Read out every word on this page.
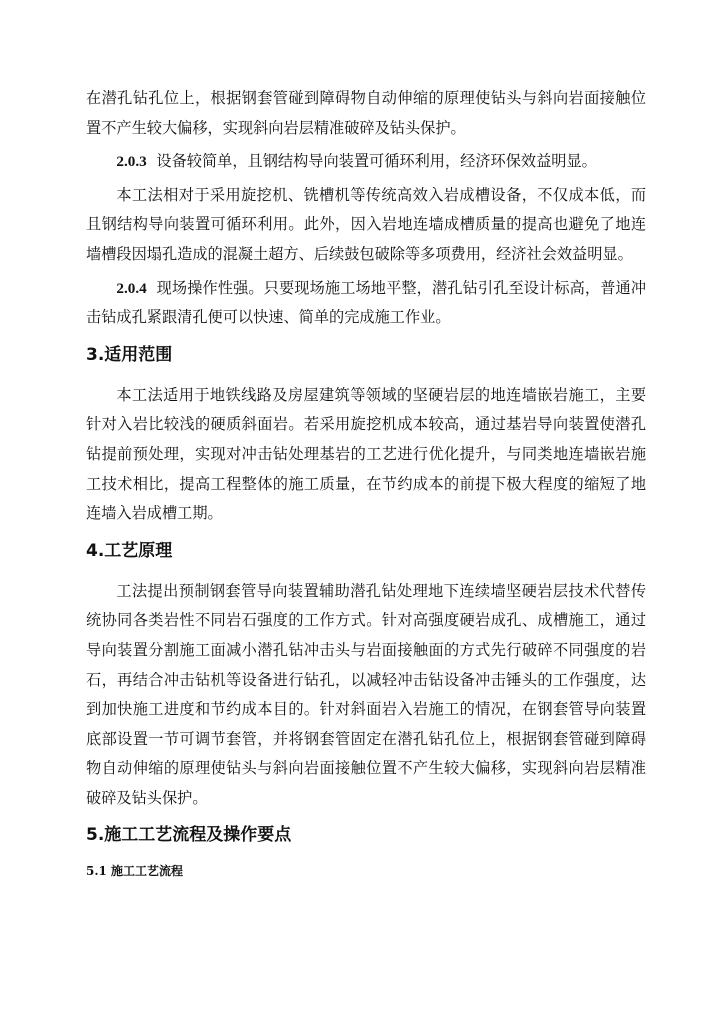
在潜孔钻孔位上，根据钢套管碰到障碍物自动伸缩的原理使钻头与斜向岩面接触位置不产生较大偏移，实现斜向岩层精准破碎及钻头保护。

2.0.3 设备较简单，且钢结构导向装置可循环利用，经济环保效益明显。

本工法相对于采用旋挖机、铣槽机等传统高效入岩成槽设备，不仅成本低，而且钢结构导向装置可循环利用。此外，因入岩地连墙成槽质量的提高也避免了地连墙槽段因塌孔造成的混凝土超方、后续鼓包破除等多项费用，经济社会效益明显。

2.0.4 现场操作性强。只要现场施工场地平整，潜孔钻引孔至设计标高，普通冲击钻成孔紧跟清孔便可以快速、简单的完成施工作业。

3.适用范围

本工法适用于地铁线路及房屋建筑等领域的坚硬岩层的地连墙嵌岩施工，主要针对入岩比较浅的硬质斜面岩。若采用旋挖机成本较高，通过基岩导向装置使潜孔钻提前预处理，实现对冲击钻处理基岩的工艺进行优化提升，与同类地连墙嵌岩施工技术相比，提高工程整体的施工质量，在节约成本的前提下极大程度的缩短了地连墙入岩成槽工期。

4.工艺原理

工法提出预制钢套管导向装置辅助潜孔钻处理地下连续墙坚硬岩层技术代替传统协同各类岩性不同岩石强度的工作方式。针对高强度硬岩成孔、成槽施工，通过导向装置分割施工面减小潜孔钻冲击头与岩面接触面的方式先行破碎不同强度的岩石，再结合冲击钻机等设备进行钻孔，以减轻冲击钻设备冲击锤头的工作强度，达到加快施工进度和节约成本目的。针对斜面岩入岩施工的情况，在钢套管导向装置底部设置一节可调节套管，并将钢套管固定在潜孔钻孔位上，根据钢套管碰到障碍物自动伸缩的原理使钻头与斜向岩面接触位置不产生较大偏移，实现斜向岩层精准破碎及钻头保护。

5.施工工艺流程及操作要点
5.1 施工工艺流程
